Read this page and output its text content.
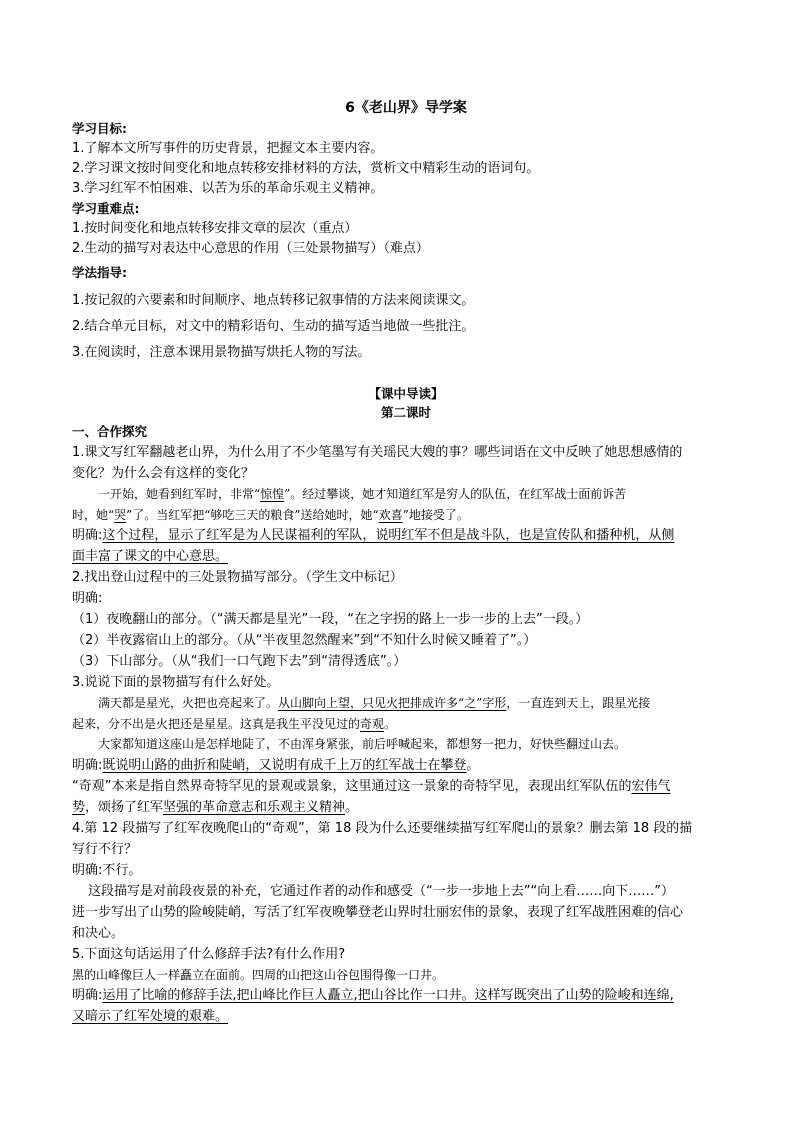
6《老山界》导学案
学习目标:
1.了解本文所写事件的历史背景，把握文本主要内容。
2.学习课文按时间变化和地点转移安排材料的方法，赏析文中精彩生动的语词句。
3.学习红军不怕困难、以苦为乐的革命乐观主义精神。
学习重难点:
1.按时间变化和地点转移安排文章的层次（重点）
2.生动的描写对表达中心意思的作用（三处景物描写）（难点）
学法指导:
1.按记叙的六要素和时间顺序、地点转移记叙事情的方法来阅读课文。
2.结合单元目标，对文中的精彩语句、生动的描写适当地做一些批注。
3.在阅读时，注意本课用景物描写烘托人物的写法。
【课中导读】
第二课时
一、合作探究
1.课文写红军翻越老山界，为什么用了不少笔墨写有关瑶民大嫂的事？哪些词语在文中反映了她思想感情的
变化？为什么会有这样的变化？
一开始，她看到红军时，非常“惊惶”。经过攀谈，她才知道红军是穷人的队伍，在红军战士面前诉苦
时，她“哭”了。当红军把“够吃三天的粮食”送给她时，她“欢喜”地接受了。
明确:这个过程，显示了红军是为人民谋福利的军队，说明红军不但是战斗队，也是宣传队和播种机，从侧
面丰富了课文的中心意思。
2.找出登山过程中的三处景物描写部分。（学生文中标记）
明确:
（1）夜晚翻山的部分。（“满天都是星光”一段，“在之字拐的路上一步一步的上去”一段。）
（2）半夜露宿山上的部分。（从“半夜里忽然醒来”到“不知什么时候又睡着了”。）
（3）下山部分。（从“我们一口气跑下去”到“清得透底”。）
3.说说下面的景物描写有什么好处。
满天都是星光，火把也亮起来了。从山脚向上望，只见火把排成许多“之”字形，一直连到天上，跟星光接
起来，分不出是火把还是星星。这真是我生平没见过的奇观。
大家都知道这座山是怎样地陡了，不由浑身紧张，前后呼喊起来，都想努一把力，好快些翻过山去。
明确:既说明山路的曲折和陡峭，又说明有成千上万的红军战士在攀登。
“奇观”本来是指自然界奇特罕见的景观或景象，这里通过这一景象的奇特罕见，表现出红军队伍的宏伟气
势，颂扬了红军坚强的革命意志和乐观主义精神。
4.第 12 段描写了红军夜晚爬山的“奇观”，第 18 段为什么还要继续描写红军爬山的景象？删去第 18 段的描
写行不行？
明确:不行。
这段描写是对前段夜景的补充，它通过作者的动作和感受（“一步一步地上去”“向上看……向下……”）
进一步写出了山势的险峻陡峭，写活了红军夜晚攀登老山界时壮丽宏伟的景象，表现了红军战胜困难的信心
和决心。
5.下面这句话运用了什么修辞手法?有什么作用?
黑的山峰像巨人一样矗立在面前。四周的山把这山谷包围得像一口井。
明确:运用了比喻的修辞手法,把山峰比作巨人矗立,把山谷比作一口井。这样写既突出了山势的险峻和连绵,
又暗示了红军处境的艰难。
